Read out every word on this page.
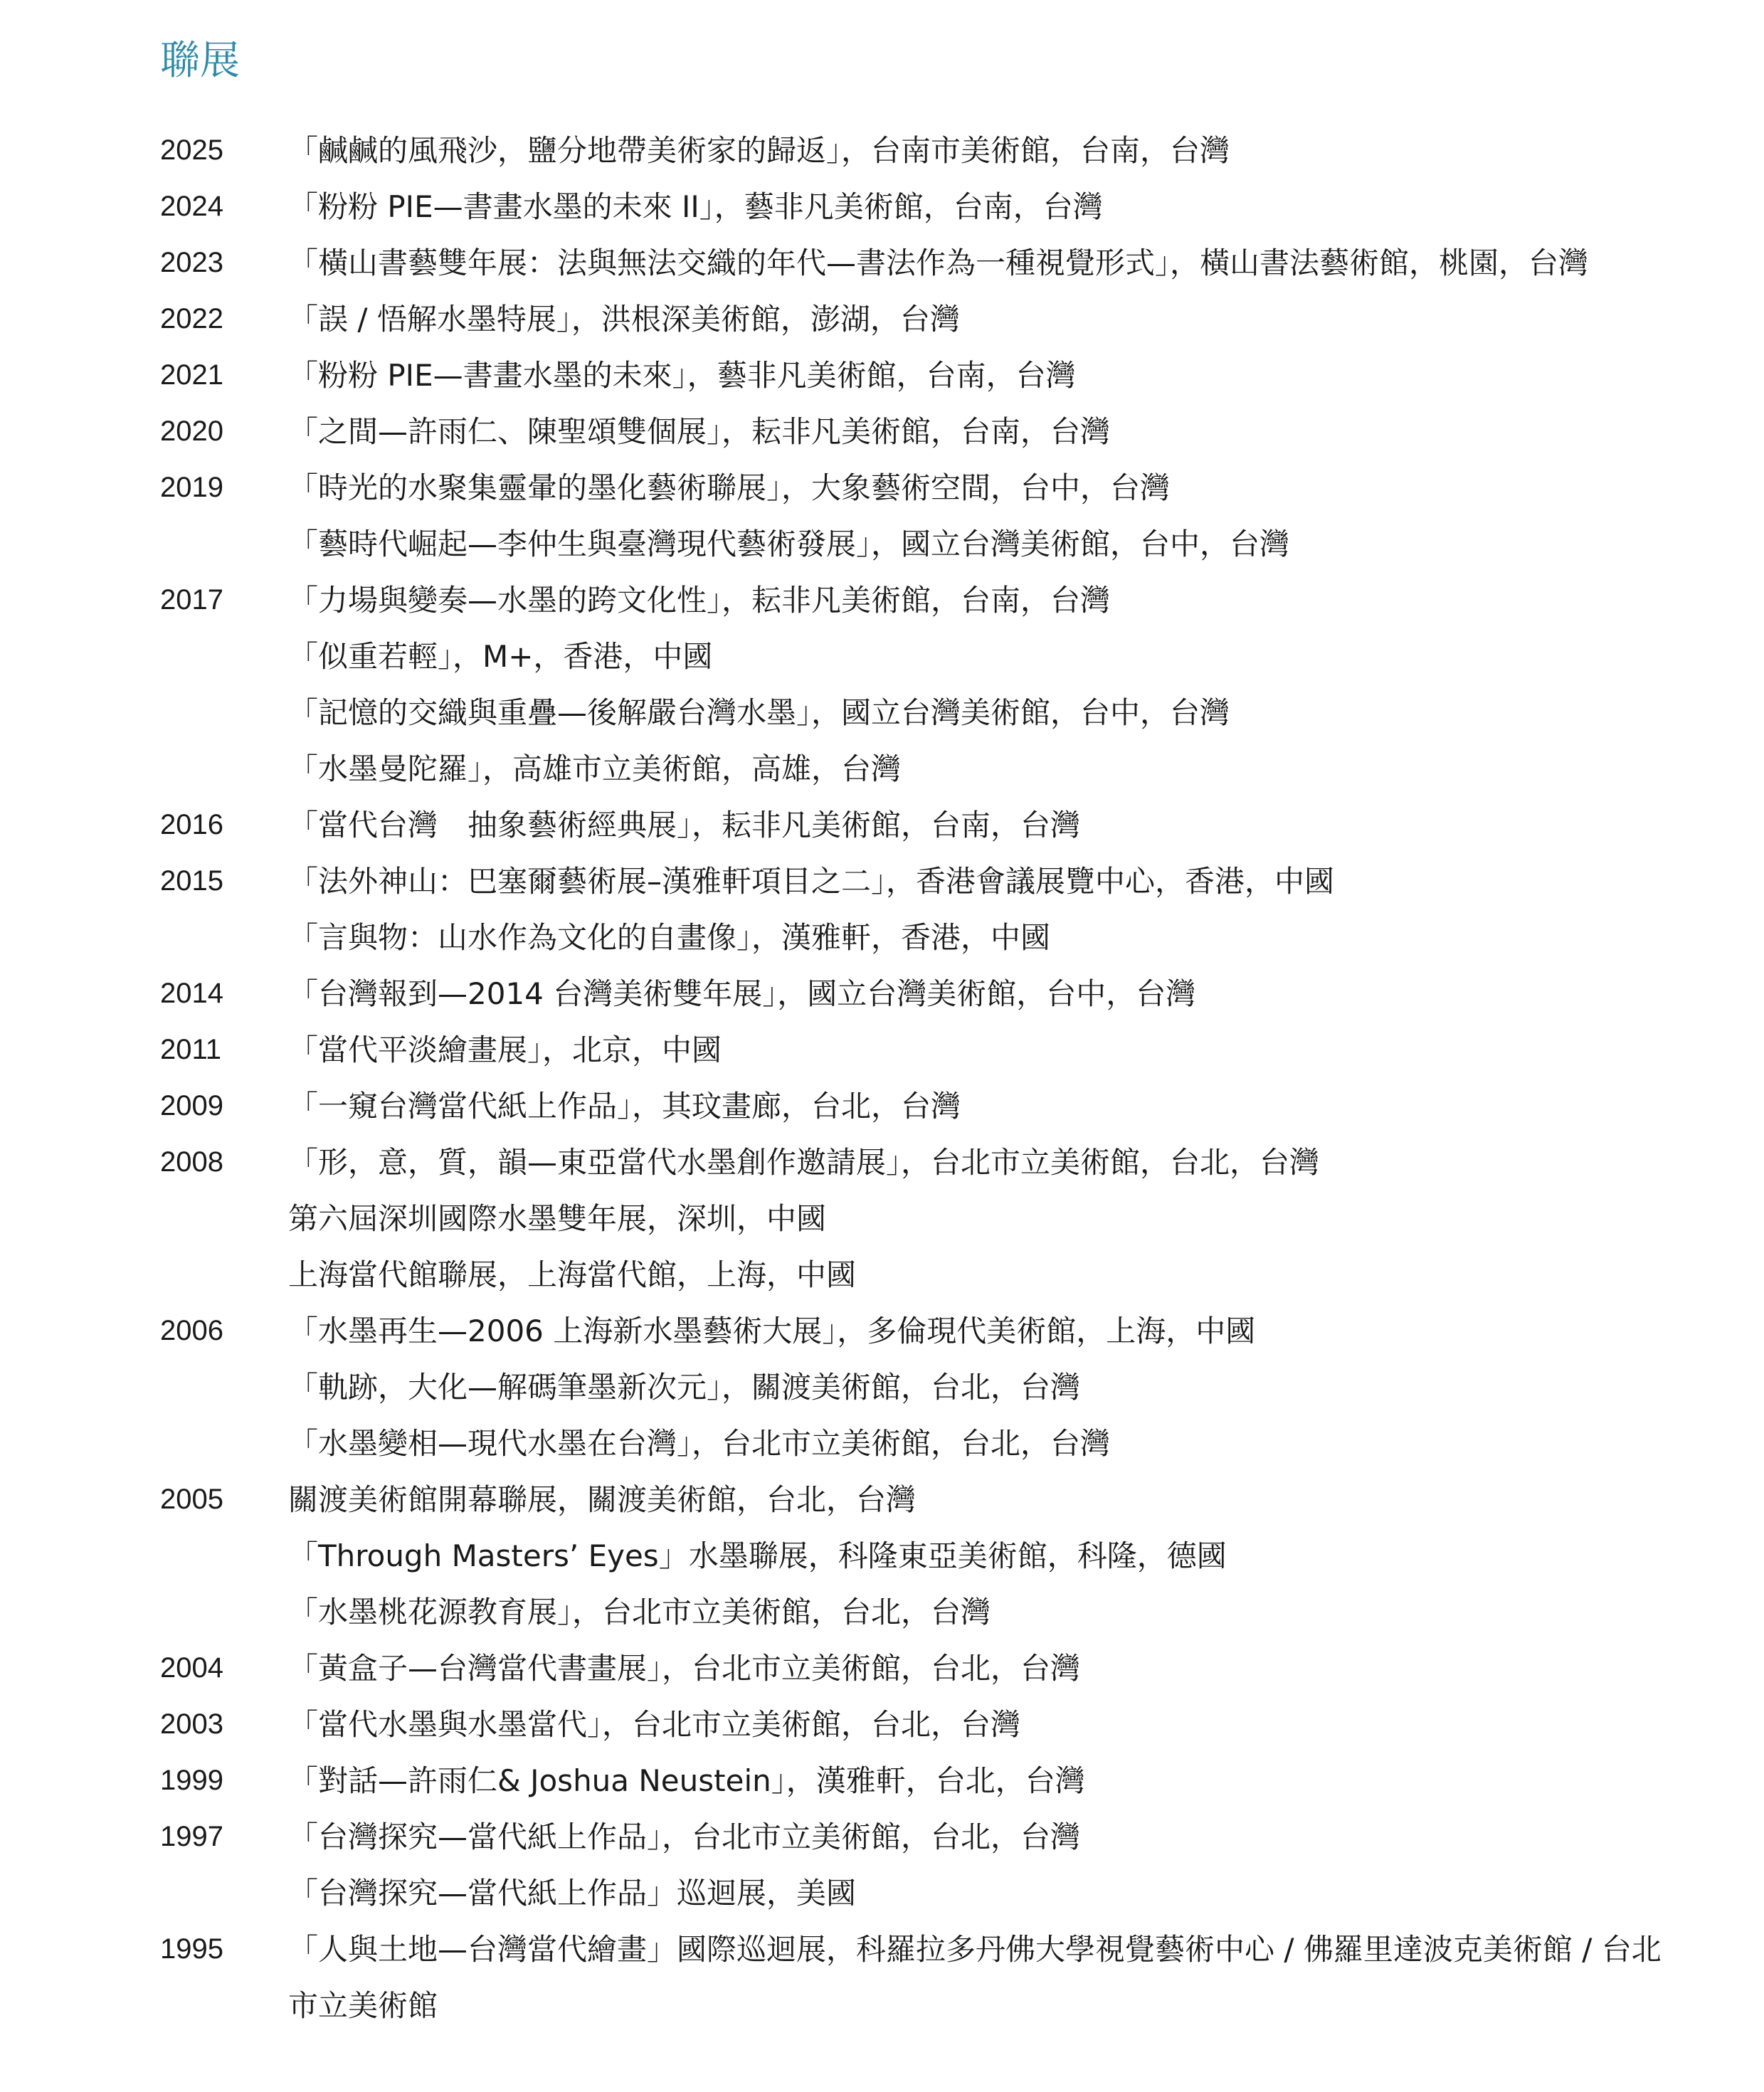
聯展
2025	「鹹鹹的風飛沙，鹽分地帶美術家的歸返」，台南市美術館，台南，台灣
2024	「粉粉 PIE—書畫水墨的未來 II」，藝非凡美術館，台南，台灣
2023	「橫山書藝雙年展：法與無法交織的年代—書法作為一種視覺形式」，橫山書法藝術館，桃園，台灣
2022	「誤 / 悟解水墨特展」，洪根深美術館，澎湖，台灣
2021	「粉粉 PIE—書畫水墨的未來」，藝非凡美術館，台南，台灣
2020	「之間—許雨仁、陳聖頌雙個展」，耘非凡美術館，台南，台灣
2019	「時光的水聚集靈暈的墨化藝術聯展」，大象藝術空間，台中，台灣
「藝時代崛起—李仲生與臺灣現代藝術發展」，國立台灣美術館，台中，台灣
2017	「力場與變奏—水墨的跨文化性」，耘非凡美術館，台南，台灣
「似重若輕」，M+，香港，中國
「記憶的交織與重疊—後解嚴台灣水墨」，國立台灣美術館，台中，台灣
「水墨曼陀羅」，高雄市立美術館，高雄，台灣
2016	「當代台灣　抽象藝術經典展」，耘非凡美術館，台南，台灣
2015	「法外神山：巴塞爾藝術展–漢雅軒項目之二」，香港會議展覽中心，香港，中國
「言與物：山水作為文化的自畫像」，漢雅軒，香港，中國
2014	「台灣報到—2014 台灣美術雙年展」，國立台灣美術館，台中，台灣
2011	「當代平淡繪畫展」，北京，中國
2009	「一窺台灣當代紙上作品」，其玟畫廊，台北，台灣
2008	「形，意，質，韻—東亞當代水墨創作邀請展」，台北市立美術館，台北，台灣
第六屆深圳國際水墨雙年展，深圳，中國
上海當代館聯展，上海當代館，上海，中國
2006	「水墨再生—2006 上海新水墨藝術大展」，多倫現代美術館，上海，中國
「軌跡，大化—解碼筆墨新次元」，關渡美術館，台北，台灣
「水墨變相—現代水墨在台灣」，台北市立美術館，台北，台灣
2005	關渡美術館開幕聯展，關渡美術館，台北，台灣
「Through Masters’ Eyes」水墨聯展，科隆東亞美術館，科隆，德國
「水墨桃花源教育展」，台北市立美術館，台北，台灣
2004	「黃盒子—台灣當代書畫展」，台北市立美術館，台北，台灣
2003	「當代水墨與水墨當代」，台北市立美術館，台北，台灣
1999	「對話—許雨仁& Joshua Neustein」，漢雅軒，台北，台灣
1997	「台灣探究—當代紙上作品」，台北市立美術館，台北，台灣
「台灣探究—當代紙上作品」巡迴展，美國
1995	「人與土地—台灣當代繪畫」國際巡迴展，科羅拉多丹佛大學視覺藝術中心 / 佛羅里達波克美術館 / 台北市立美術館
